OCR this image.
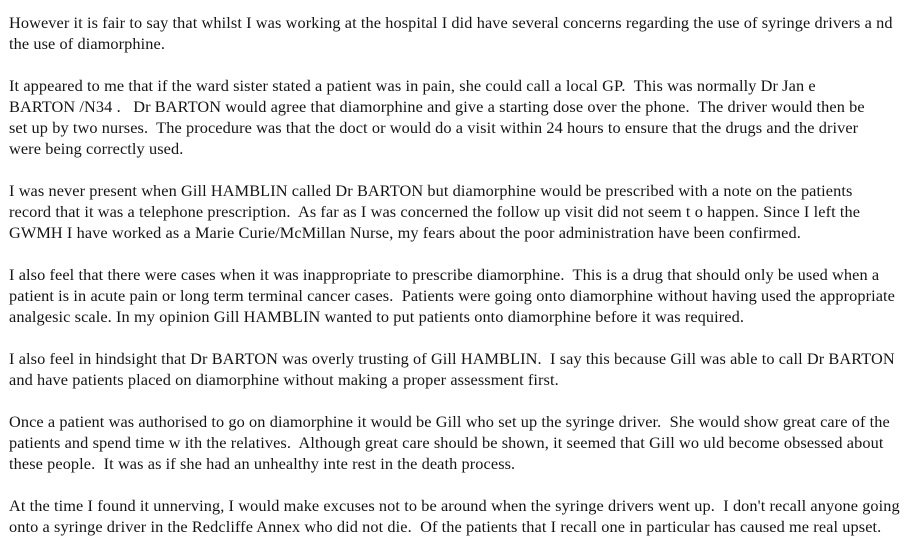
However it is fair to say that whilst I was working at the hospital I did have several concerns regarding the use of syringe drivers a nd
the use of diamorphine.

It appeared to me that if the ward sister stated a patient was in pain, she could call a local GP.  This was normally Dr Jan e
BARTON /N34 .   Dr BARTON would agree that diamorphine and give a starting dose over the phone.  The driver would then be
set up by two nurses.  The procedure was that the doct or would do a visit within 24 hours to ensure that the drugs and the driver
were being correctly used.

I was never present when Gill HAMBLIN called Dr BARTON but diamorphine would be prescribed with a note on the patients
record that it was a telephone prescription.  As far as I was concerned the follow up visit did not seem t o happen. Since I left the
GWMH I have worked as a Marie Curie/McMillan Nurse, my fears about the poor administration have been confirmed.

I also feel that there were cases when it was inappropriate to prescribe diamorphine.  This is a drug that should only be used when a
patient is in acute pain or long term terminal cancer cases.  Patients were going onto diamorphine without having used the appropriate
analgesic scale. In my opinion Gill HAMBLIN wanted to put patients onto diamorphine before it was required.

I also feel in hindsight that Dr BARTON was overly trusting of Gill HAMBLIN.  I say this because Gill was able to call Dr BARTON
and have patients placed on diamorphine without making a proper assessment first.

Once a patient was authorised to go on diamorphine it would be Gill who set up the syringe driver.  She would show great care of the
patients and spend time w ith the relatives.  Although great care should be shown, it seemed that Gill wo uld become obsessed about
these people.  It was as if she had an unhealthy inte rest in the death process.

At the time I found it unnerving, I would make excuses not to be around when the syringe drivers went up.  I don't recall anyone going
onto a syringe driver in the Redcliffe Annex who did not die.  Of the patients that I recall one in particular has caused me real upset.
